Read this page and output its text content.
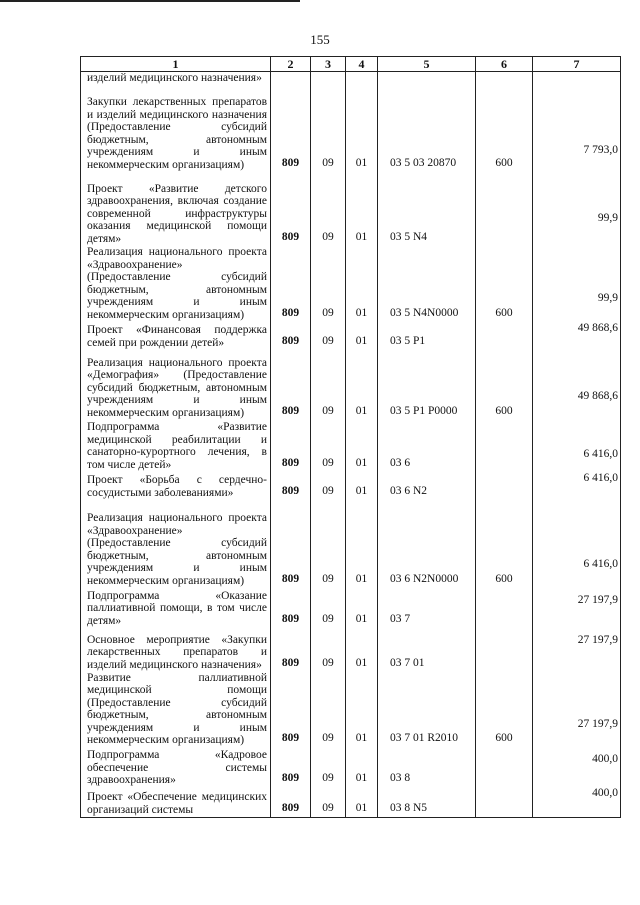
155
1	2	3	4	5	6	7
изделий медицинского назначения»						
Закупки лекарственных препаратов и изделий медицинского назначения (Предоставление субсидий бюджетным, автономным учреждениям и иным некоммерческим организациям)	809	09	01	03 5 03 20870	600	7 793,0
Проект «Развитие детского здравоохранения, включая создание современной инфраструктуры оказания медицинской помощи детям»	809	09	01	03 5 N4		99,9
Реализация национального проекта «Здравоохранение» (Предоставление субсидий бюджетным, автономным учреждениям и иным некоммерческим организациям)	809	09	01	03 5 N4N0000	600	99,9
Проект «Финансовая поддержка семей при рождении детей»	809	09	01	03 5 P1		49 868,6
Реализация национального проекта «Демография» (Предоставление субсидий бюджетным, автономным учреждениям и иным некоммерческим организациям)	809	09	01	03 5 P1 P0000	600	49 868,6
Подпрограмма «Развитие медицинской реабилитации и санаторно-курортного лечения, в том числе детей»	809	09	01	03 6		6 416,0
Проект «Борьба с сердечно-сосудистыми заболеваниями»	809	09	01	03 6 N2		6 416,0
Реализация национального проекта «Здравоохранение» (Предоставление субсидий бюджетным, автономным учреждениям и иным некоммерческим организациям)	809	09	01	03 6 N2N0000	600	6 416,0
Подпрограмма «Оказание паллиативной помощи, в том числе детям»	809	09	01	03 7		27 197,9
Основное мероприятие «Закупки лекарственных препаратов и изделий медицинского назначения»	809	09	01	03 7 01		27 197,9
Развитие паллиативной медицинской помощи (Предоставление субсидий бюджетным, автономным учреждениям и иным некоммерческим организациям)	809	09	01	03 7 01 R2010	600	27 197,9
Подпрограмма «Кадровое обеспечение системы здравоохранения»	809	09	01	03 8		400,0
Проект «Обеспечение медицинских организаций системы	809	09	01	03 8 N5		400,0
